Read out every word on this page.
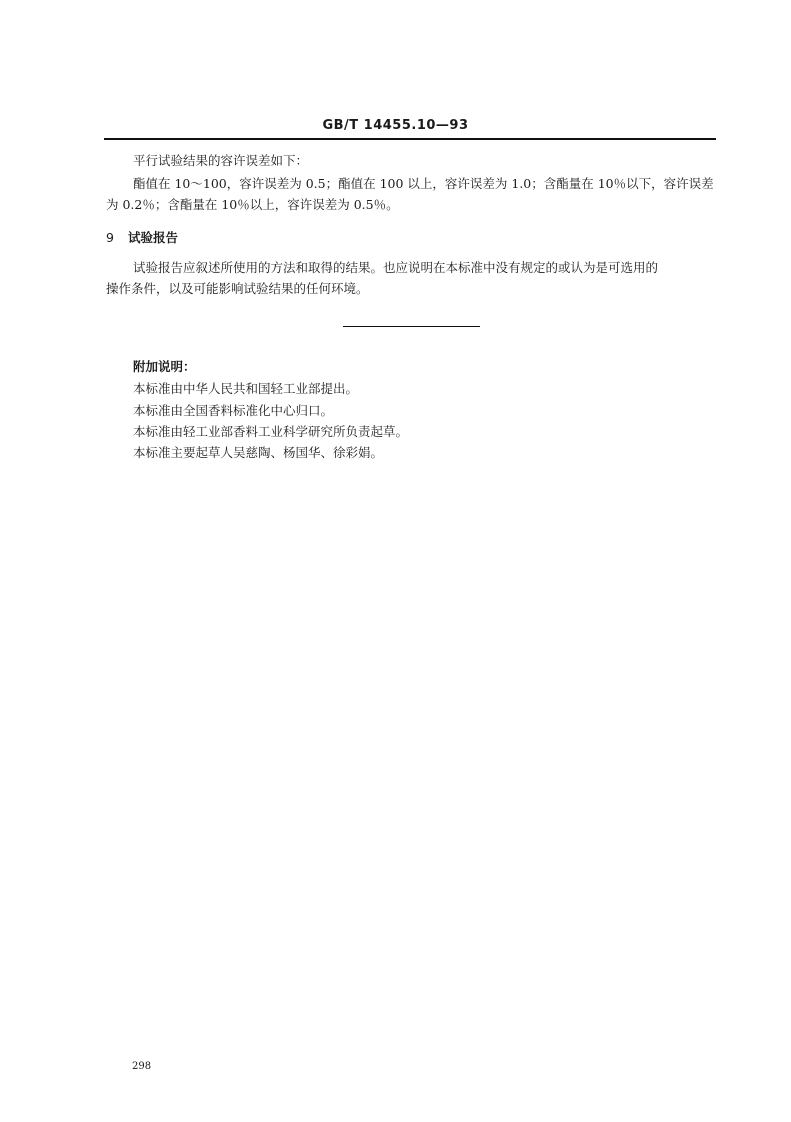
GB/T 14455.10—93
平行试验结果的容许误差如下：
酯值在 10～100，容许误差为 0.5；酯值在 100 以上，容许误差为 1.0；含酯量在 10％以下，容许误差
为 0.2％；含酯量在 10％以上，容许误差为 0.5％。
9 试验报告
试验报告应叙述所使用的方法和取得的结果。也应说明在本标准中没有规定的或认为是可选用的
操作条件，以及可能影响试验结果的任何环境。
附加说明：
本标准由中华人民共和国轻工业部提出。
本标准由全国香料标准化中心归口。
本标准由轻工业部香料工业科学研究所负责起草。
本标准主要起草人吴慈陶、杨国华、徐彩娟。
298
